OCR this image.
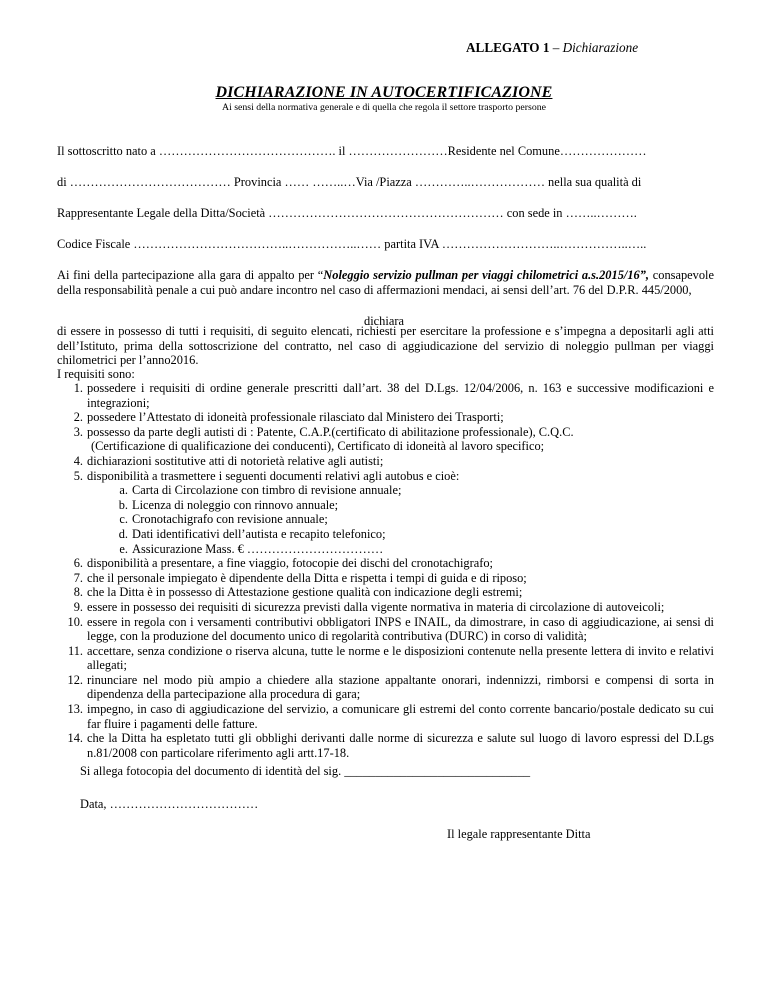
ALLEGATO 1 – Dichiarazione
DICHIARAZIONE IN AUTOCERTIFICAZIONE
Ai sensi della normativa generale e di quella che regola il settore trasporto persone
Il sottoscritto nato a ……………………………………. il ……………………Residente nel Comune…………………
di ………………………………… Provincia …… ……..…Via /Piazza …………..……………… nella sua qualità di
Rappresentante Legale della Ditta/Società ………………………………………………… con sede in ……..……….
Codice Fiscale ………………………………..……………..…… partita IVA ………………………..……………..…..
Ai fini della partecipazione alla gara di appalto per “Noleggio servizio pullman per viaggi chilometrici a.s.2015/16”, consapevole della responsabilità penale a cui può andare incontro nel caso di affermazioni mendaci, ai sensi dell’art. 76 del D.P.R. 445/2000,
dichiara
di essere in possesso di tutti i requisiti, di seguito elencati, richiesti per esercitare la professione e s’impegna a depositarli agli atti dell’Istituto, prima della sottoscrizione del contratto, nel caso di aggiudicazione del servizio di noleggio pullman per viaggi chilometrici per l’anno2016.
I requisiti sono:
1. possedere i requisiti di ordine generale prescritti dall’art. 38 del D.Lgs. 12/04/2006, n. 163 e successive modificazioni e integrazioni;
2. possedere l’Attestato di idoneità professionale rilasciato dal Ministero dei Trasporti;
3. possesso da parte degli autisti di : Patente, C.A.P.(certificato di abilitazione professionale), C.Q.C.
(Certificazione di qualificazione dei conducenti), Certificato di idoneità al lavoro specifico;
4. dichiarazioni sostitutive atti di notorietà relative agli autisti;
5. disponibilità a trasmettere i seguenti documenti relativi agli autobus e cioè:
a. Carta di Circolazione con timbro di revisione annuale;
b. Licenza di noleggio con rinnovo annuale;
c. Cronotachigrafo con revisione annuale;
d. Dati identificativi dell’autista e recapito telefonico;
e. Assicurazione Mass. € ……………………………
6. disponibilità a presentare, a fine viaggio, fotocopie dei dischi del cronotachigrafo;
7. che il personale impiegato è dipendente della Ditta e rispetta i tempi di guida e di riposo;
8. che la Ditta è in possesso di Attestazione gestione qualità con indicazione degli estremi;
9. essere in possesso dei requisiti di sicurezza previsti dalla vigente normativa in materia di circolazione di autoveicoli;
10. essere in regola con i versamenti contributivi obbligatori INPS e INAIL, da dimostrare, in caso di aggiudicazione, ai sensi di legge, con la produzione del documento unico di regolarità contributiva (DURC) in corso di validità;
11. accettare, senza condizione o riserva alcuna, tutte le norme e le disposizioni contenute nella presente lettera di invito e relativi allegati;
12. rinunciare nel modo più ampio a chiedere alla stazione appaltante onorari, indennizzi, rimborsi e compensi di sorta in dipendenza della partecipazione alla procedura di gara;
13. impegno, in caso di aggiudicazione del servizio, a comunicare gli estremi del conto corrente bancario/postale dedicato su cui far fluire i pagamenti delle fatture.
14. che la Ditta ha espletato tutti gli obblighi derivanti dalle norme di sicurezza e salute sul luogo di lavoro espressi del D.Lgs n.81/2008 con particolare riferimento agli artt.17-18.
Si allega fotocopia del documento di identità del sig. ______________________________
Data, ………………………………
Il legale rappresentante Ditta
